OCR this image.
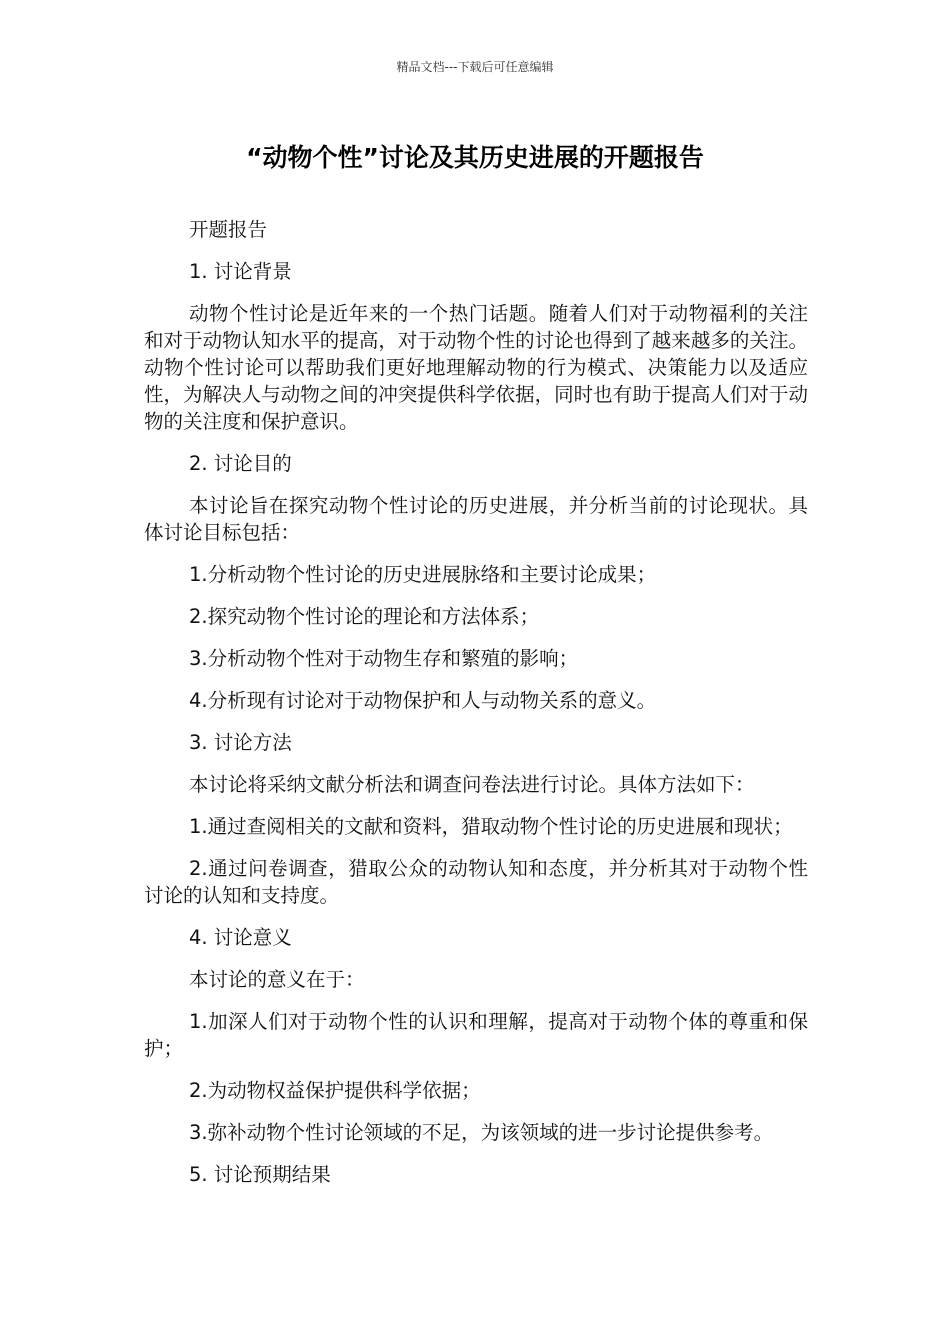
精品文档---下载后可任意编辑
“动物个性”讨论及其历史进展的开题报告

开题报告

1. 讨论背景

动物个性讨论是近年来的一个热门话题。随着人们对于动物福利的关注和对于动物认知水平的提高，对于动物个性的讨论也得到了越来越多的关注。动物个性讨论可以帮助我们更好地理解动物的行为模式、决策能力以及适应性，为解决人与动物之间的冲突提供科学依据，同时也有助于提高人们对于动物的关注度和保护意识。

2. 讨论目的

本讨论旨在探究动物个性讨论的历史进展，并分析当前的讨论现状。具体讨论目标包括：

1.分析动物个性讨论的历史进展脉络和主要讨论成果；

2.探究动物个性讨论的理论和方法体系；

3.分析动物个性对于动物生存和繁殖的影响；

4.分析现有讨论对于动物保护和人与动物关系的意义。

3. 讨论方法

本讨论将采纳文献分析法和调查问卷法进行讨论。具体方法如下：

1.通过查阅相关的文献和资料，猎取动物个性讨论的历史进展和现状；

2.通过问卷调查，猎取公众的动物认知和态度，并分析其对于动物个性讨论的认知和支持度。

4. 讨论意义

本讨论的意义在于：

1.加深人们对于动物个性的认识和理解，提高对于动物个体的尊重和保护；

2.为动物权益保护提供科学依据；

3.弥补动物个性讨论领域的不足，为该领域的进一步讨论提供参考。

5. 讨论预期结果
